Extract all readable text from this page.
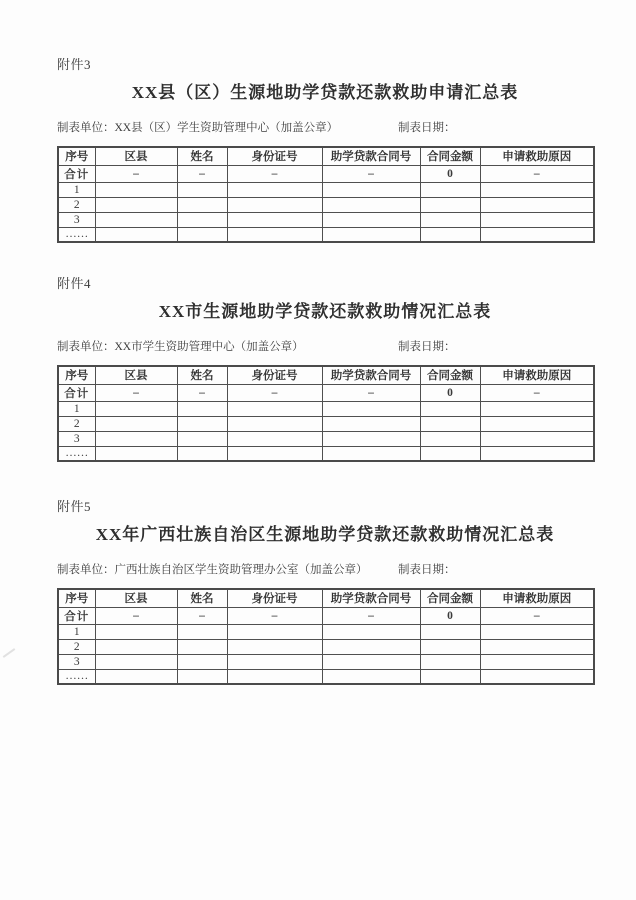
附件3
XX县（区）生源地助学贷款还款救助申请汇总表
制表单位：XX县（区）学生资助管理中心（加盖公章）	制表日期：
序号	区县	姓名	身份证号	助学贷款合同号	合同金额	申请救助原因
合计	–	–	–	–	0	–
1						
2						
3						
……						
附件4
XX市生源地助学贷款还款救助情况汇总表
制表单位：XX市学生资助管理中心（加盖公章）	制表日期：
序号	区县	姓名	身份证号	助学贷款合同号	合同金额	申请救助原因
合计	–	–	–	–	0	–
1						
2						
3						
……						
附件5
XX年广西壮族自治区生源地助学贷款还款救助情况汇总表
制表单位：广西壮族自治区学生资助管理办公室（加盖公章）	制表日期：
序号	区县	姓名	身份证号	助学贷款合同号	合同金额	申请救助原因
合计	–	–	–	–	0	–
1						
2						
3						
……						
